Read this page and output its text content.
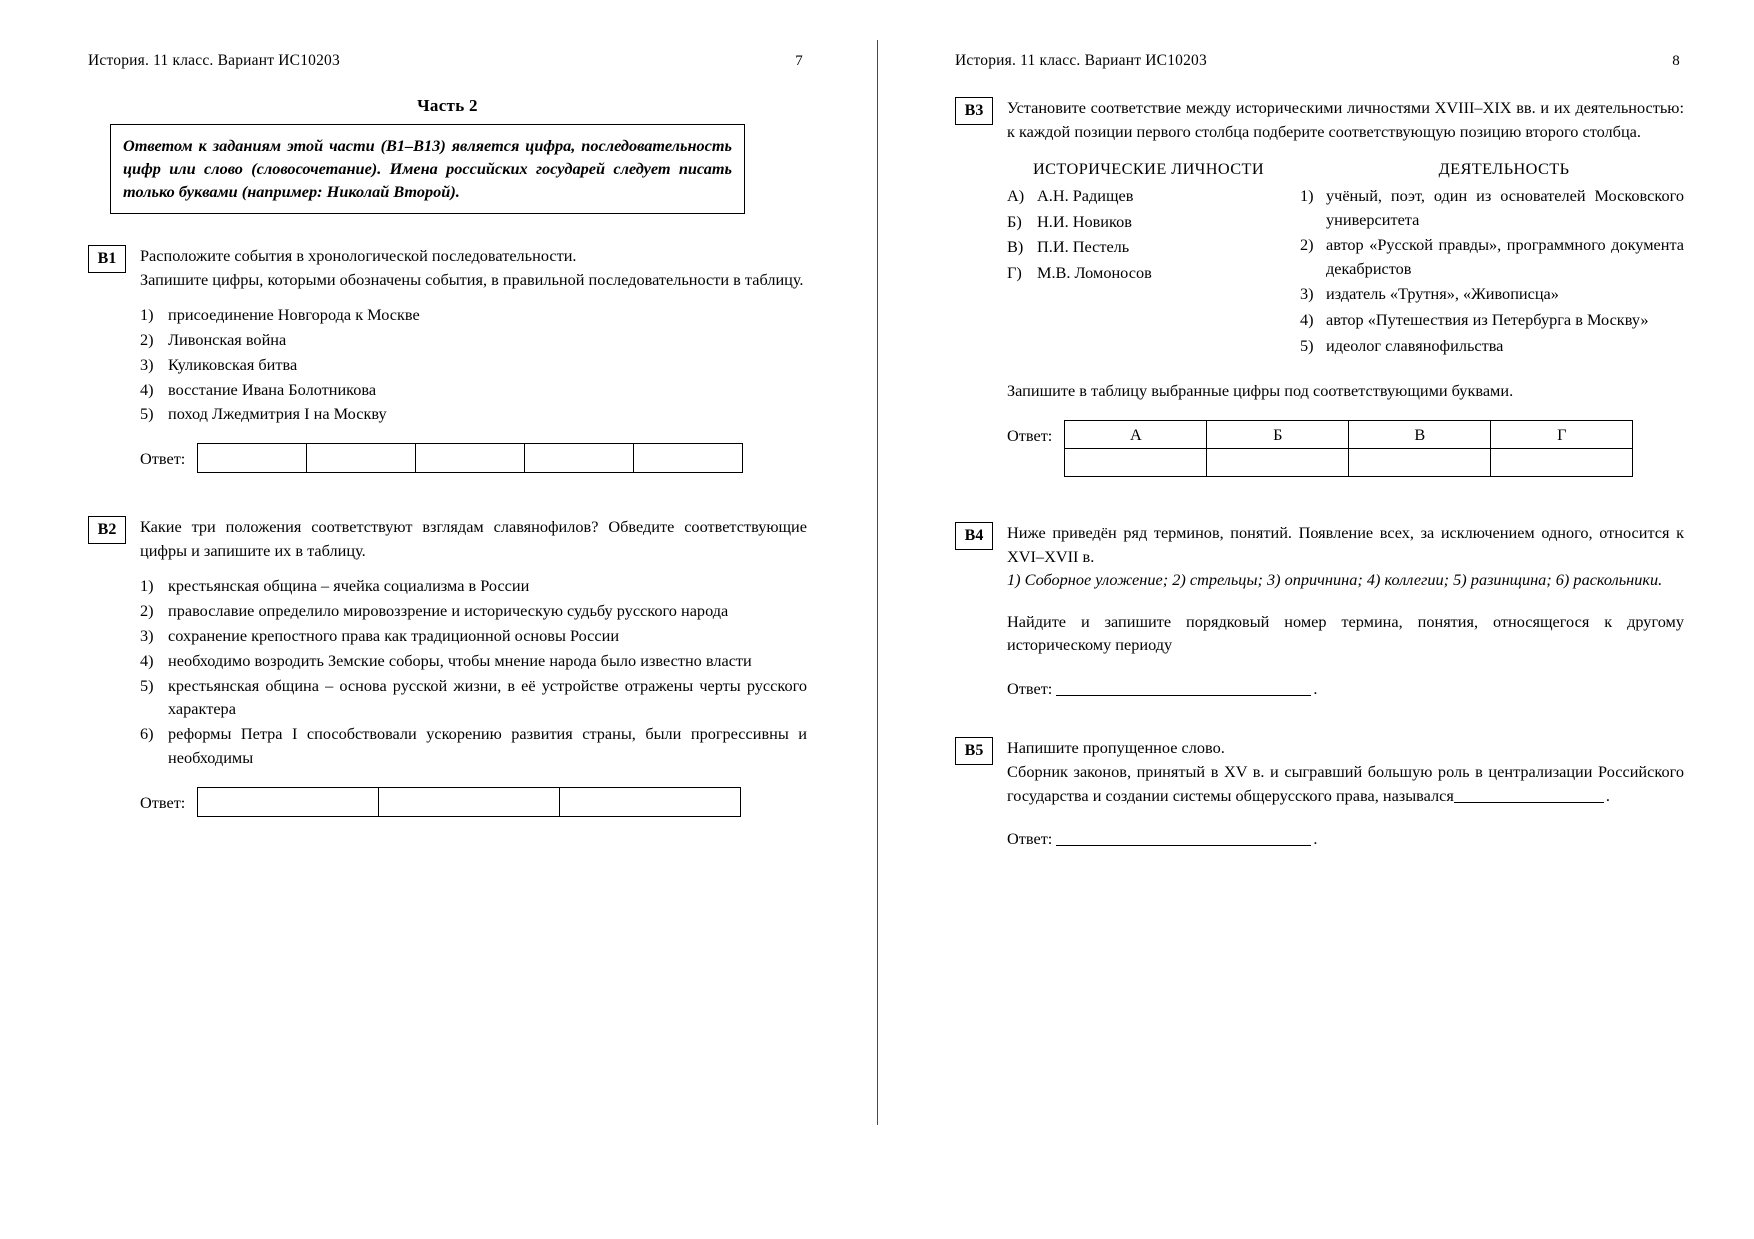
История. 11 класс. Вариант ИС10203	7
Часть 2
Ответом к заданиям этой части (В1–В13) является цифра, последовательность цифр или слово (словосочетание). Имена российских государей следует писать только буквами (например: Николай Второй).
В1	Расположите события в хронологической последовательности.

Запишите цифры, которыми обозначены события, в правильной последовательности в таблицу.

1) присоединение Новгорода к Москве
2) Ливонская война
3) Куликовская битва
4) восстание Ивана Болотникова
5) поход Лжедмитрия I на Москву
Ответ:

В2	Какие три положения соответствуют взглядам славянофилов? Обведите соответствующие цифры и запишите их в таблицу.

1) крестьянская община – ячейка социализма в России
2) православие определило мировоззрение и историческую судьбу русского народа
3) сохранение крепостного права как традиционной основы России
4) необходимо возродить Земские соборы, чтобы мнение народа было известно власти
5) крестьянская община – основа русской жизни, в её устройстве отражены черты русского характера
6) реформы Петра I способствовали ускорению развития страны, были прогрессивны и необходимы
Ответ:

История. 11 класс. Вариант ИС10203	8
В3	Установите соответствие между историческими личностями XVIII–XIX вв. и их деятельностью: к каждой позиции первого столбца подберите соответствующую позицию второго столбца.

ИСТОРИЧЕСКИЕ ЛИЧНОСТИ
А) А.Н. Радищев
Б) Н.И. Новиков
В) П.И. Пестель
Г) М.В. Ломоносов
ДЕЯТЕЛЬНОСТЬ
1) учёный, поэт, один из основателей Московского университета
2) автор «Русской правды», программного документа декабристов
3) издатель «Трутня», «Живописца»
4) автор «Путешествия из Петербурга в Москву»
5) идеолог славянофильства

Запишите в таблицу выбранные цифры под соответствующими буквами.

Ответ:	А	Б	В	Г

В4	Ниже приведён ряд терминов, понятий. Появление всех, за исключением одного, относится к XVI–XVII в.

1) Соборное уложение; 2) стрельцы; 3) опричнина; 4) коллегии; 5) разинщина; 6) раскольники.

Найдите и запишите порядковый номер термина, понятия, относящегося к другому историческому периоду

Ответ:	.
В5	Напишите пропущенное слово.

Сборник законов, принятый в XV в. и сыгравший большую роль в централизации Российского государства и создании системы общерусского права, назывался	.

Ответ:	.
